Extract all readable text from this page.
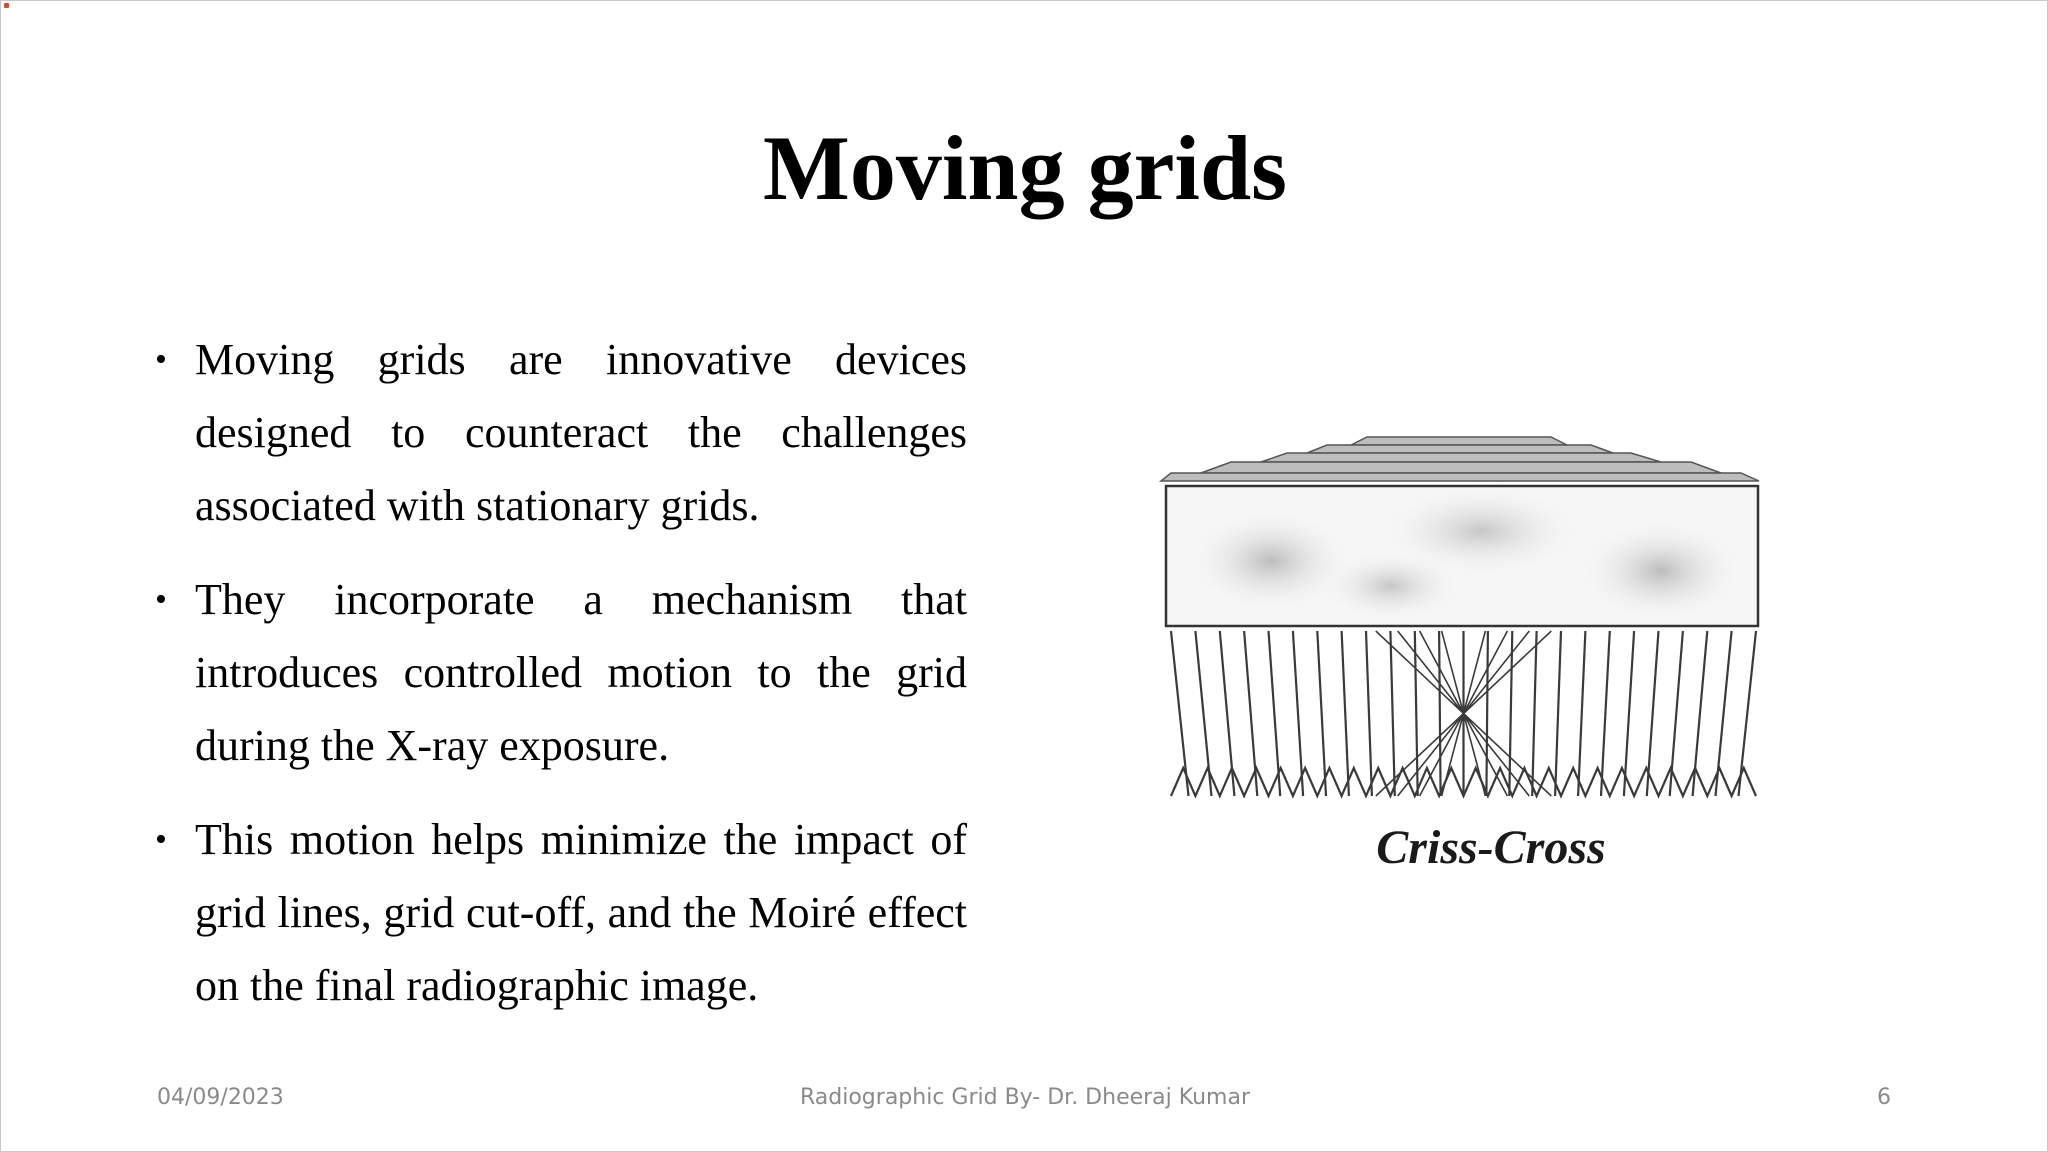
Moving grids
• Moving grids are innovative devices designed to counteract the challenges associated with stationary grids.
• They incorporate a mechanism that introduces controlled motion to the grid during the X-ray exposure.
• This motion helps minimize the impact of grid lines, grid cut-off, and the Moiré effect on the final radiographic image.
Criss-Cross
04/09/2023	Radiographic Grid By- Dr. Dheeraj Kumar	6
